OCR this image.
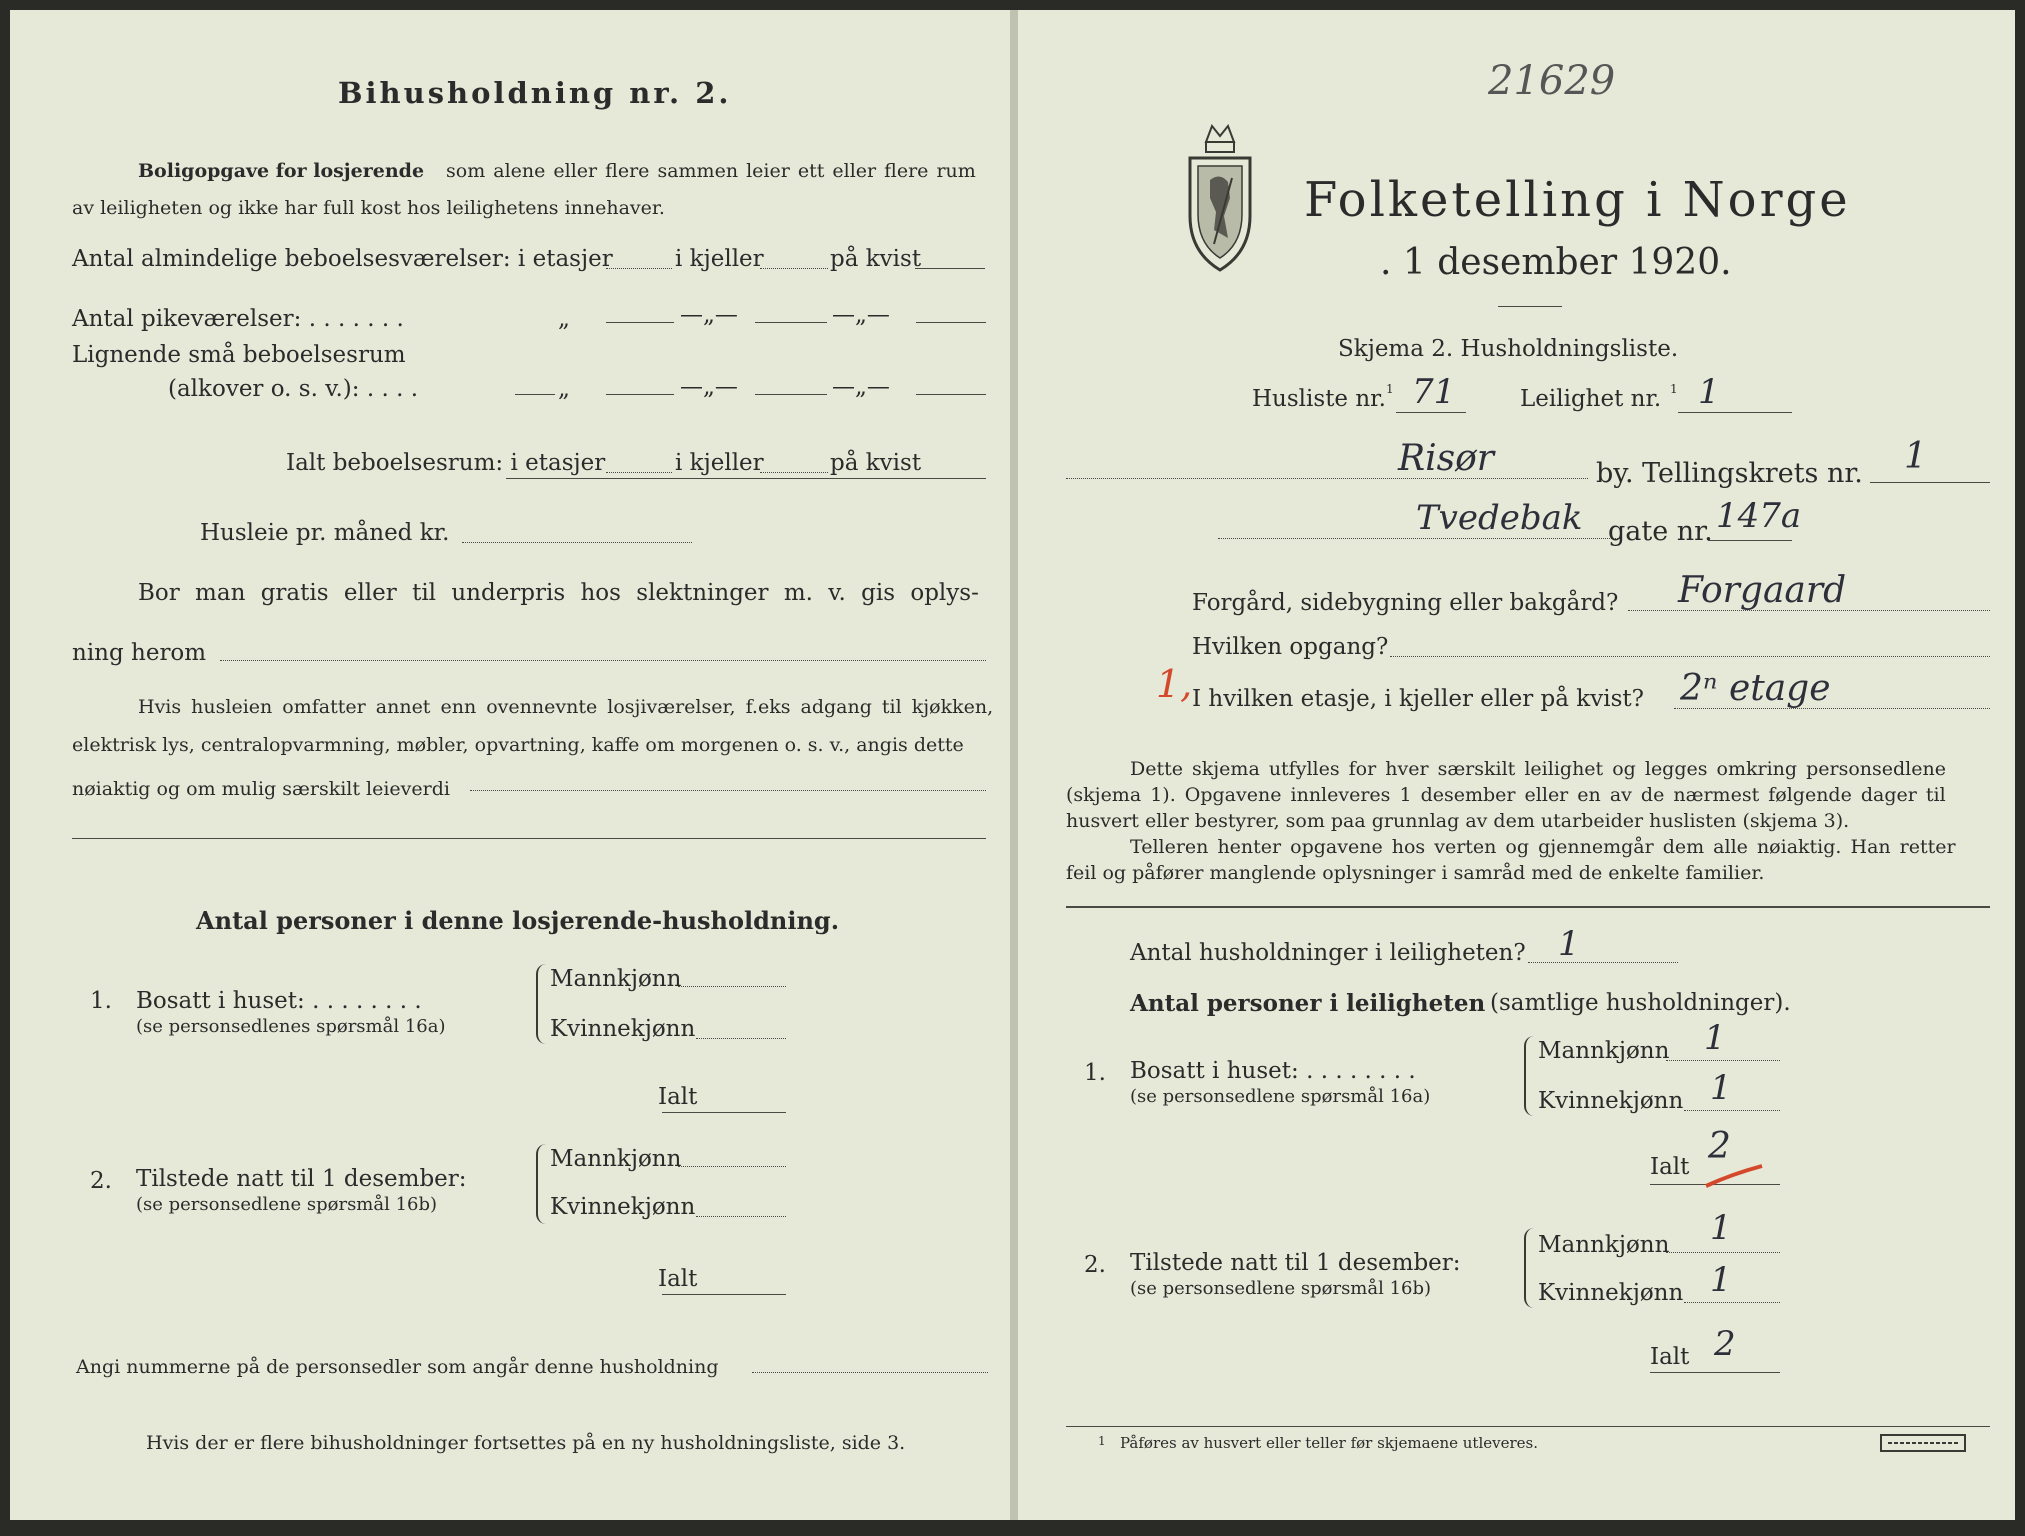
Bihusholdning nr. 2.
Boligopgave for losjerende som alene eller flere sammen leier ett eller flere rum
av leiligheten og ikke har full kost hos leilighetens innehaver.
Antal almindelige beboelsesværelser: i etasjer	i kjeller	på kvist
Antal pikeværelser: . . . . . . .	„	—„—	—„—
Lignende små beboelsesrum
(alkover o. s. v.): . . . .	„	—„—	—„—
Ialt beboelsesrum: i etasjer	i kjeller	på kvist
Husleie pr. måned kr.
Bor man gratis eller til underpris hos slektninger m. v. gis oplys-
ning herom
Hvis husleien omfatter annet enn ovennevnte losjiværelser, f.eks adgang til kjøkken,
elektrisk lys, centralopvarmning, møbler, opvartning, kaffe om morgenen o. s. v., angis dette
nøiaktig og om mulig særskilt leieverdi
Antal personer i denne losjerende-husholdning.
1. Bosatt i huset: . . . . . . . .
(se personsedlenes spørsmål 16a)
Mannkjønn
Kvinnekjønn
Ialt
2. Tilstede natt til 1 desember:
(se personsedlene spørsmål 16b)
Mannkjønn
Kvinnekjønn
Ialt
Angi nummerne på de personsedler som angår denne husholdning
Hvis der er flere bihusholdninger fortsettes på en ny husholdningsliste, side 3.
21629
Folketelling i Norge
. 1 desember 1920.
Skjema 2. Husholdningsliste.
Husliste nr. 1 71	Leilighet nr. 1 1
Risør	by. Tellingskrets nr. 1
Tvedebak gate nr. 147a
Forgård, sidebygning eller bakgård? Forgaard
Hvilken opgang?
1, I hvilken etasje, i kjeller eller på kvist? 2ⁿ etage
Dette skjema utfylles for hver særskilt leilighet og legges omkring personsedlene
(skjema 1). Opgavene innleveres 1 desember eller en av de nærmest følgende dager til
husvert eller bestyrer, som paa grunnlag av dem utarbeider huslisten (skjema 3).
Telleren henter opgavene hos verten og gjennemgår dem alle nøiaktig. Han retter
feil og påfører manglende oplysninger i samråd med de enkelte familier.
Antal husholdninger i leiligheten? 1
Antal personer i leiligheten (samtlige husholdninger).
1. Bosatt i huset: . . . . . . . .
(se personsedlene spørsmål 16a)
Mannkjønn 1
Kvinnekjønn 1
Ialt 2
2. Tilstede natt til 1 desember:
(se personsedlene spørsmål 16b)
Mannkjønn 1
Kvinnekjønn 1
Ialt 2
1 Påføres av husvert eller teller før skjemaene utleveres.
